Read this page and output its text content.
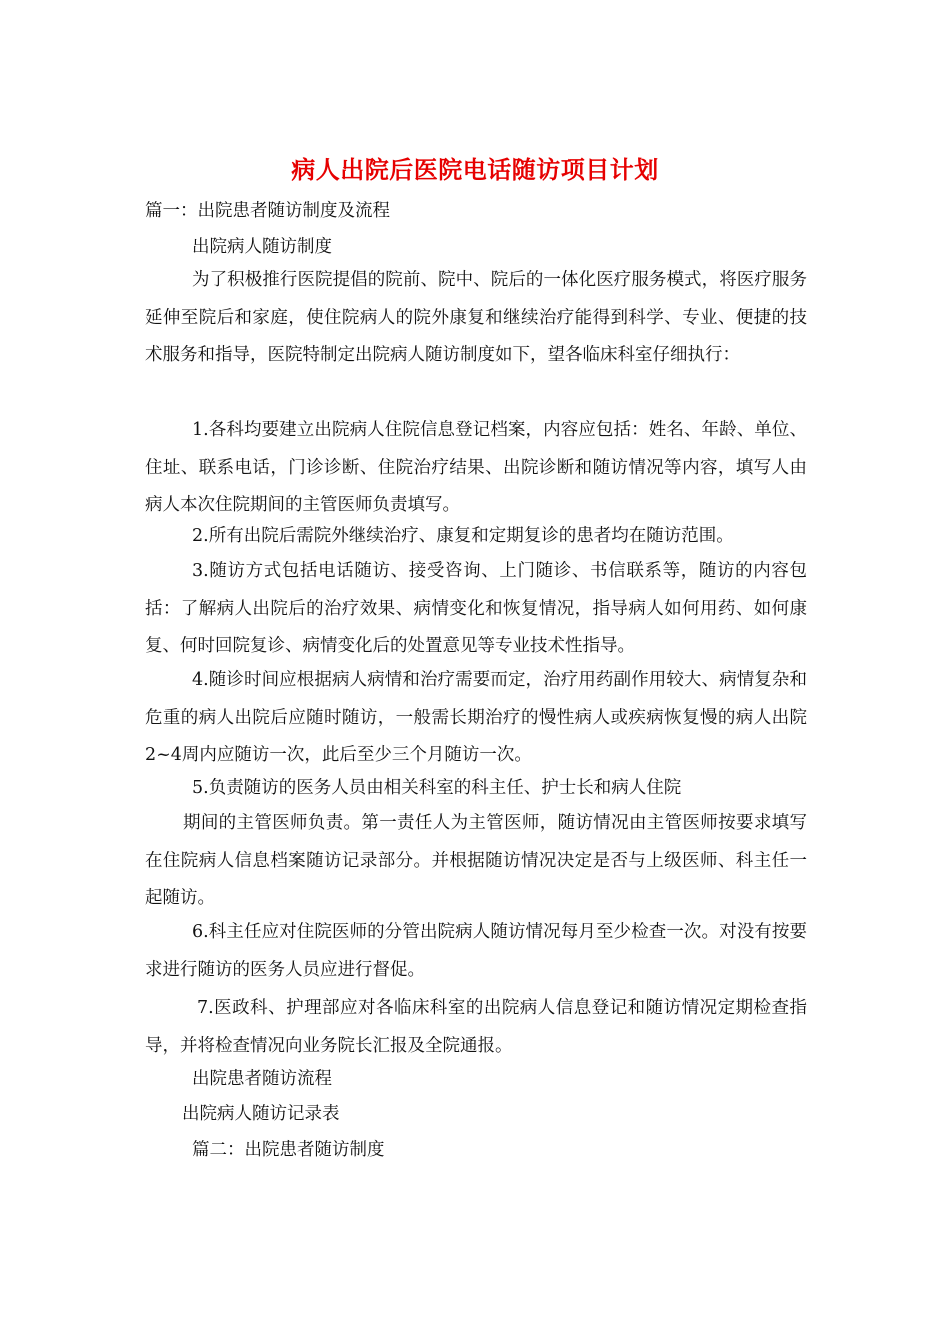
病人出院后医院电话随访项目计划
篇一：出院患者随访制度及流程
出院病人随访制度
为了积极推行医院提倡的院前、院中、院后的一体化医疗服务模式，将医疗服务延伸至院后和家庭，使住院病人的院外康复和继续治疗能得到科学、专业、便捷的技术服务和指导，医院特制定出院病人随访制度如下，望各临床科室仔细执行：
1.各科均要建立出院病人住院信息登记档案，内容应包括：姓名、年龄、单位、住址、联系电话，门诊诊断、住院治疗结果、出院诊断和随访情况等内容，填写人由病人本次住院期间的主管医师负责填写。
2.所有出院后需院外继续治疗、康复和定期复诊的患者均在随访范围。
3.随访方式包括电话随访、接受咨询、上门随诊、书信联系等，随访的内容包括：了解病人出院后的治疗效果、病情变化和恢复情况，指导病人如何用药、如何康复、何时回院复诊、病情变化后的处置意见等专业技术性指导。
4.随诊时间应根据病人病情和治疗需要而定，治疗用药副作用较大、病情复杂和危重的病人出院后应随时随访，一般需长期治疗的慢性病人或疾病恢复慢的病人出院2~4周内应随访一次，此后至少三个月随访一次。
5.负责随访的医务人员由相关科室的科主任、护士长和病人住院
期间的主管医师负责。第一责任人为主管医师，随访情况由主管医师按要求填写在住院病人信息档案随访记录部分。并根据随访情况决定是否与上级医师、科主任一起随访。
6.科主任应对住院医师的分管出院病人随访情况每月至少检查一次。对没有按要求进行随访的医务人员应进行督促。
7.医政科、护理部应对各临床科室的出院病人信息登记和随访情况定期检查指导，并将检查情况向业务院长汇报及全院通报。
出院患者随访流程
出院病人随访记录表
篇二：出院患者随访制度
